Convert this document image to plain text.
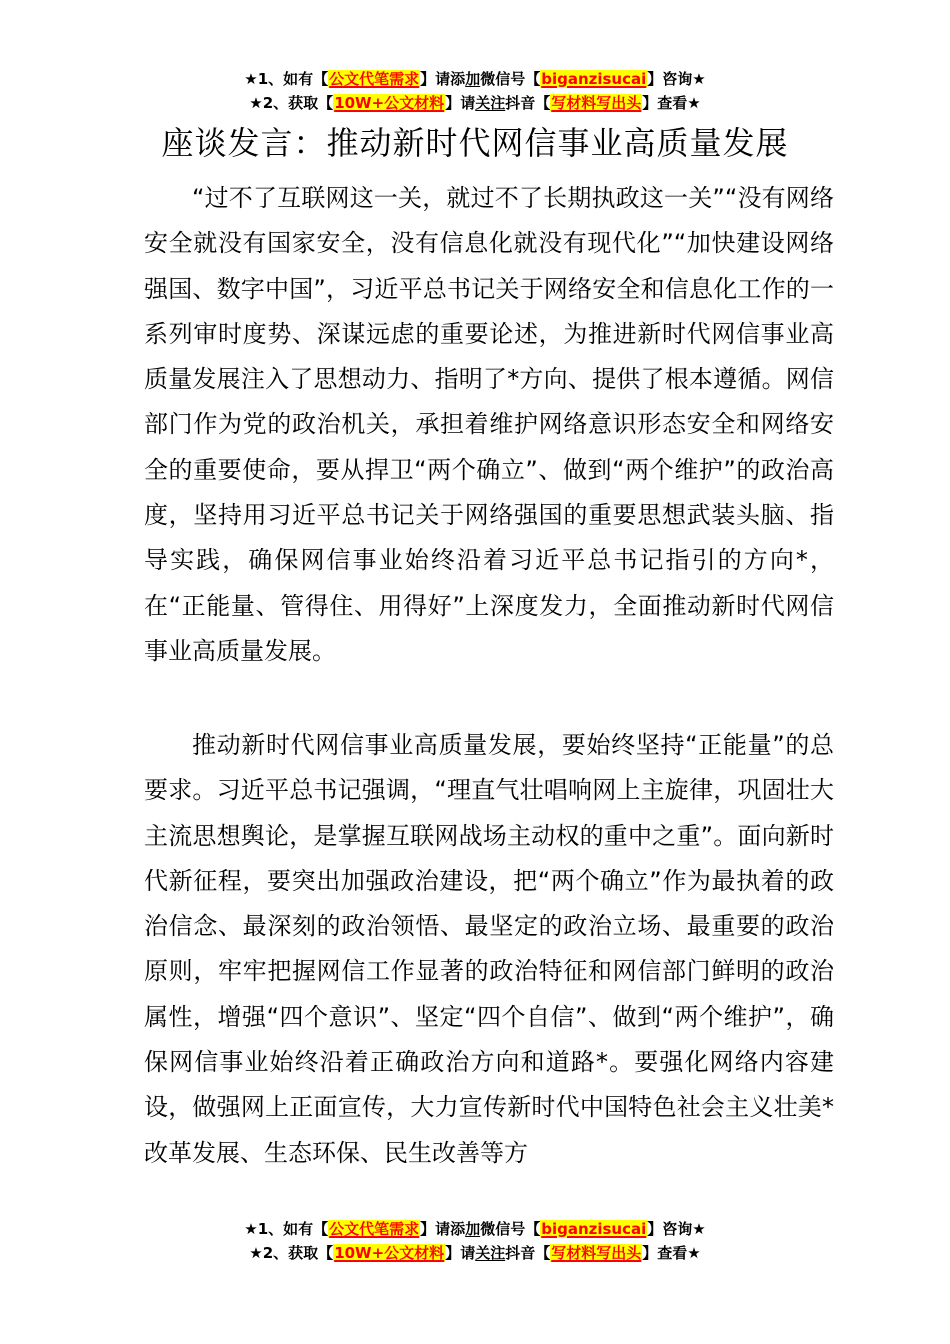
★1、如有【公文代笔需求】请添加微信号【biganzisucai】咨询★
★2、获取【10W+公文材料】请关注抖音【写材料写出头】查看★
座谈发言：推动新时代网信事业高质量发展

“过不了互联网这一关，就过不了长期执政这一关”“没有网络安全就没有国家安全，没有信息化就没有现代化”“加快建设网络强国、数字中国”，习近平总书记关于网络安全和信息化工作的一系列审时度势、深谋远虑的重要论述，为推进新时代网信事业高质量发展注入了思想动力、指明了*方向、提供了根本遵循。网信部门作为党的政治机关，承担着维护网络意识形态安全和网络安全的重要使命，要从捍卫“两个确立”、做到“两个维护”的政治高度，坚持用习近平总书记关于网络强国的重要思想武装头脑、指导实践，确保网信事业始终沿着习近平总书记指引的方向*，在“正能量、管得住、用得好”上深度发力，全面推动新时代网信事业高质量发展。

推动新时代网信事业高质量发展，要始终坚持“正能量”的总要求。习近平总书记强调，“理直气壮唱响网上主旋律，巩固壮大主流思想舆论，是掌握互联网战场主动权的重中之重”。面向新时代新征程，要突出加强政治建设，把“两个确立”作为最执着的政治信念、最深刻的政治领悟、最坚定的政治立场、最重要的政治原则，牢牢把握网信工作显著的政治特征和网信部门鲜明的政治属性，增强“四个意识”、坚定“四个自信”、做到“两个维护”，确保网信事业始终沿着正确政治方向和道路*。要强化网络内容建设，做强网上正面宣传，大力宣传新时代中国特色社会主义壮美*改革发展、生态环保、民生改善等方

★1、如有【公文代笔需求】请添加微信号【biganzisucai】咨询★
★2、获取【10W+公文材料】请关注抖音【写材料写出头】查看★
